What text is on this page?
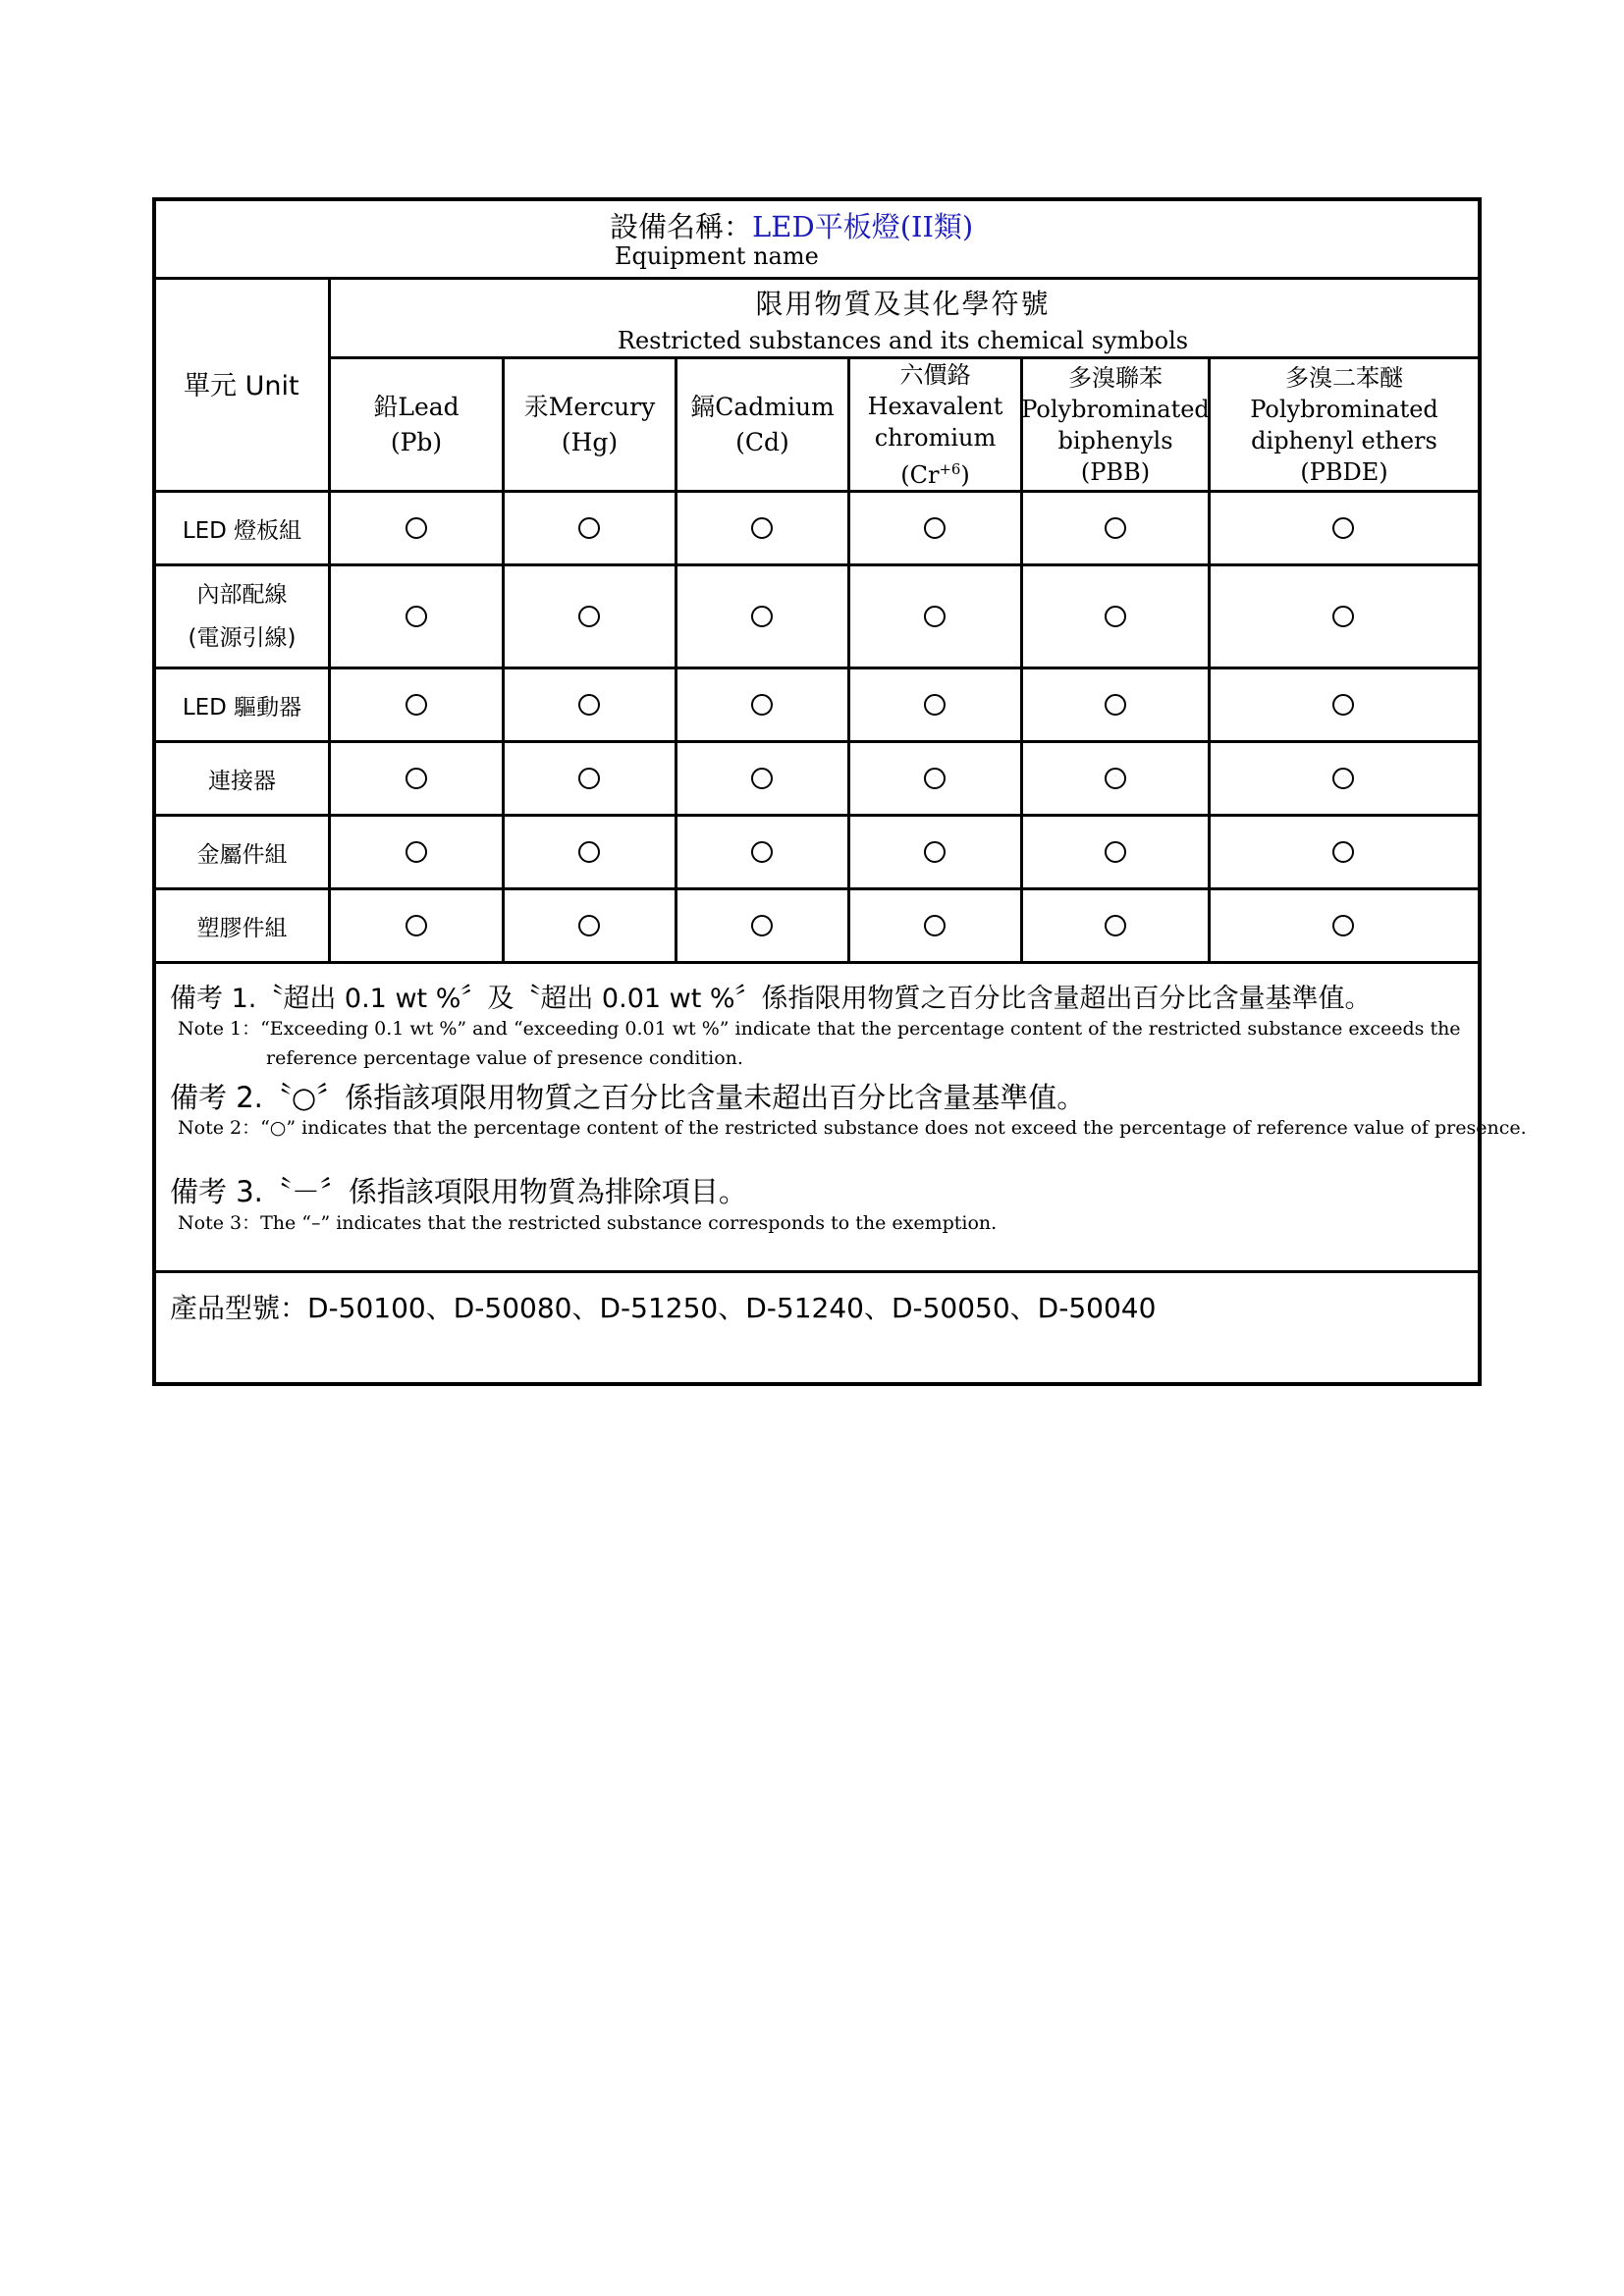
設備名稱：LED平板燈(II類)
Equipment name
單元 Unit
限用物質及其化學符號
Restricted substances and its chemical symbols
鉛Lead
(Pb)
汞Mercury
(Hg)
鎘Cadmium
(Cd)
六價鉻
Hexavalent
chromium
$(Cr^{+6})$
多溴聯苯
Polybrominated
biphenyls
(PBB)
多溴二苯醚
Polybrominated
diphenyl ethers
(PBDE)
LED 燈板組
內部配線
(電源引線)
LED 驅動器
連接器
金屬件組
塑膠件組
備考 1.〝超出 0.1 wt %〞及〝超出 0.01 wt %〞係指限用物質之百分比含量超出百分比含量基準值。
Note 1：“Exceeding 0.1 wt %” and “exceeding 0.01 wt %” indicate that the percentage content of the restricted substance exceeds the
reference percentage value of presence condition.
備考 2.〝○〞係指該項限用物質之百分比含量未超出百分比含量基準值。
Note 2：“○” indicates that the percentage content of the restricted substance does not exceed the percentage of reference value of presence.
備考 3.〝－〞係指該項限用物質為排除項目。
Note 3：The “–” indicates that the restricted substance corresponds to the exemption.
產品型號：D-50100、D-50080、D-51250、D-51240、D-50050、D-50040
